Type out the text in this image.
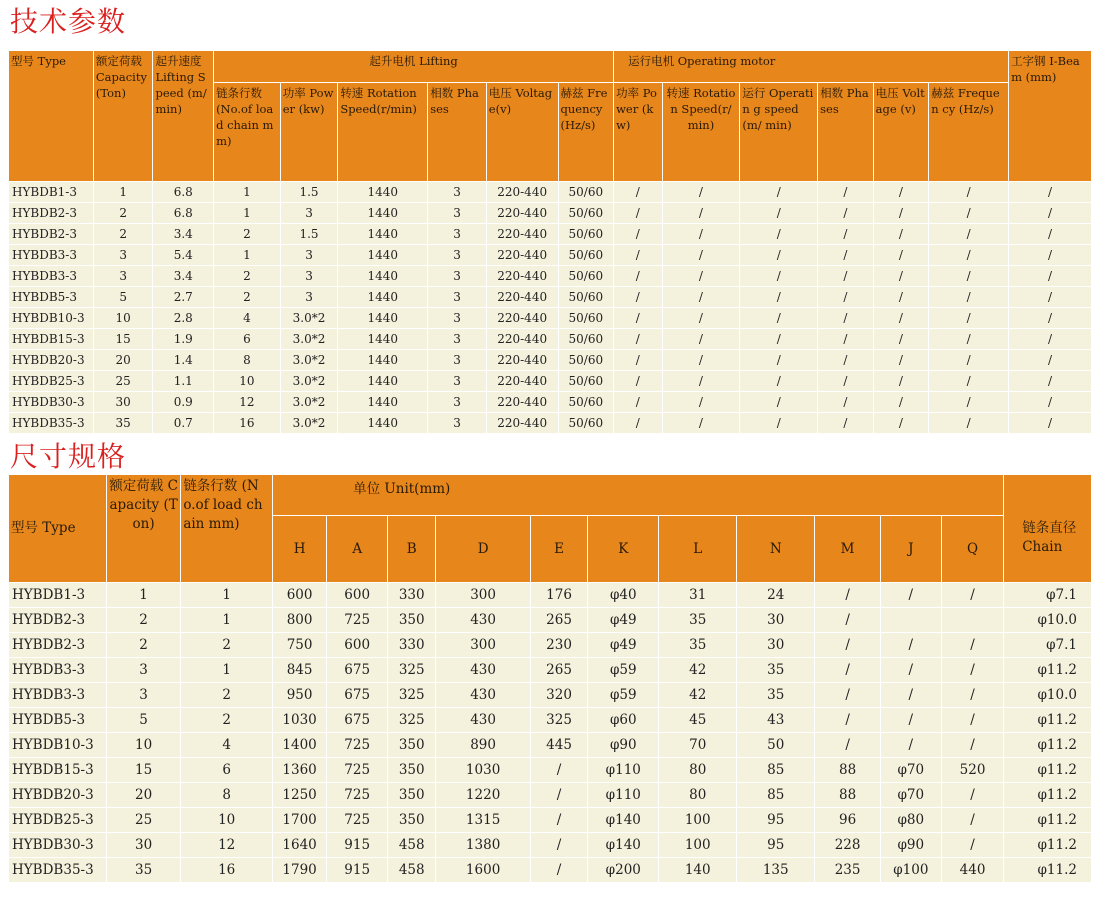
技术参数
型号 Type	额定荷载 Capacity (Ton)	起升速度 Lifting Speed (m/min)	起升电机 Lifting						运行电机 Operating motor						工字钢 I-Beam (mm)
			链条行数 (No.of load chain mm)	功率 Power (kw)	转速 Rotation Speed(r/min)	相数 Phases	电压 Voltage(v)	赫兹 Frequency (Hz/s)	功率 Power (kw)	转速 Rotation Speed(r/ min)	运行 Operatin g speed(m/ min)	相数 Phases	电压 Voltage (v)	赫兹 Frequen cy (Hz/s)	
HYBDB1-3	1	6.8	1	1.5	1440	3	220-440	50/60	/	/	/	/	/	/	/
HYBDB2-3	2	6.8	1	3	1440	3	220-440	50/60	/	/	/	/	/	/	/
HYBDB2-3	2	3.4	2	1.5	1440	3	220-440	50/60	/	/	/	/	/	/	/
HYBDB3-3	3	5.4	1	3	1440	3	220-440	50/60	/	/	/	/	/	/	/
HYBDB3-3	3	3.4	2	3	1440	3	220-440	50/60	/	/	/	/	/	/	/
HYBDB5-3	5	2.7	2	3	1440	3	220-440	50/60	/	/	/	/	/	/	/
HYBDB10-3	10	2.8	4	3.0*2	1440	3	220-440	50/60	/	/	/	/	/	/	/
HYBDB15-3	15	1.9	6	3.0*2	1440	3	220-440	50/60	/	/	/	/	/	/	/
HYBDB20-3	20	1.4	8	3.0*2	1440	3	220-440	50/60	/	/	/	/	/	/	/
HYBDB25-3	25	1.1	10	3.0*2	1440	3	220-440	50/60	/	/	/	/	/	/	/
HYBDB30-3	30	0.9	12	3.0*2	1440	3	220-440	50/60	/	/	/	/	/	/	/
HYBDB35-3	35	0.7	16	3.0*2	1440	3	220-440	50/60	/	/	/	/	/	/	/
尺寸规格
型号 Type	额定荷载 Capacity (Ton)	链条行数 (No.of load chain mm)	单位 Unit(mm)											链条直径 Chain
			H	A	B	D	E	K	L	N	M	J	Q	
HYBDB1-3	1	1	600	600	330	300	176	φ40	31	24	/	/	/	φ7.1
HYBDB2-3	2	1	800	725	350	430	265	φ49	35	30	/			φ10.0
HYBDB2-3	2	2	750	600	330	300	230	φ49	35	30	/	/	/	φ7.1
HYBDB3-3	3	1	845	675	325	430	265	φ59	42	35	/	/	/	φ11.2
HYBDB3-3	3	2	950	675	325	430	320	φ59	42	35	/	/	/	φ10.0
HYBDB5-3	5	2	1030	675	325	430	325	φ60	45	43	/	/	/	φ11.2
HYBDB10-3	10	4	1400	725	350	890	445	φ90	70	50	/	/	/	φ11.2
HYBDB15-3	15	6	1360	725	350	1030	/	φ110	80	85	88	φ70	520	φ11.2
HYBDB20-3	20	8	1250	725	350	1220	/	φ110	80	85	88	φ70	/	φ11.2
HYBDB25-3	25	10	1700	725	350	1315	/	φ140	100	95	96	φ80	/	φ11.2
HYBDB30-3	30	12	1640	915	458	1380	/	φ140	100	95	228	φ90	/	φ11.2
HYBDB35-3	35	16	1790	915	458	1600	/	φ200	140	135	235	φ100	440	φ11.2
